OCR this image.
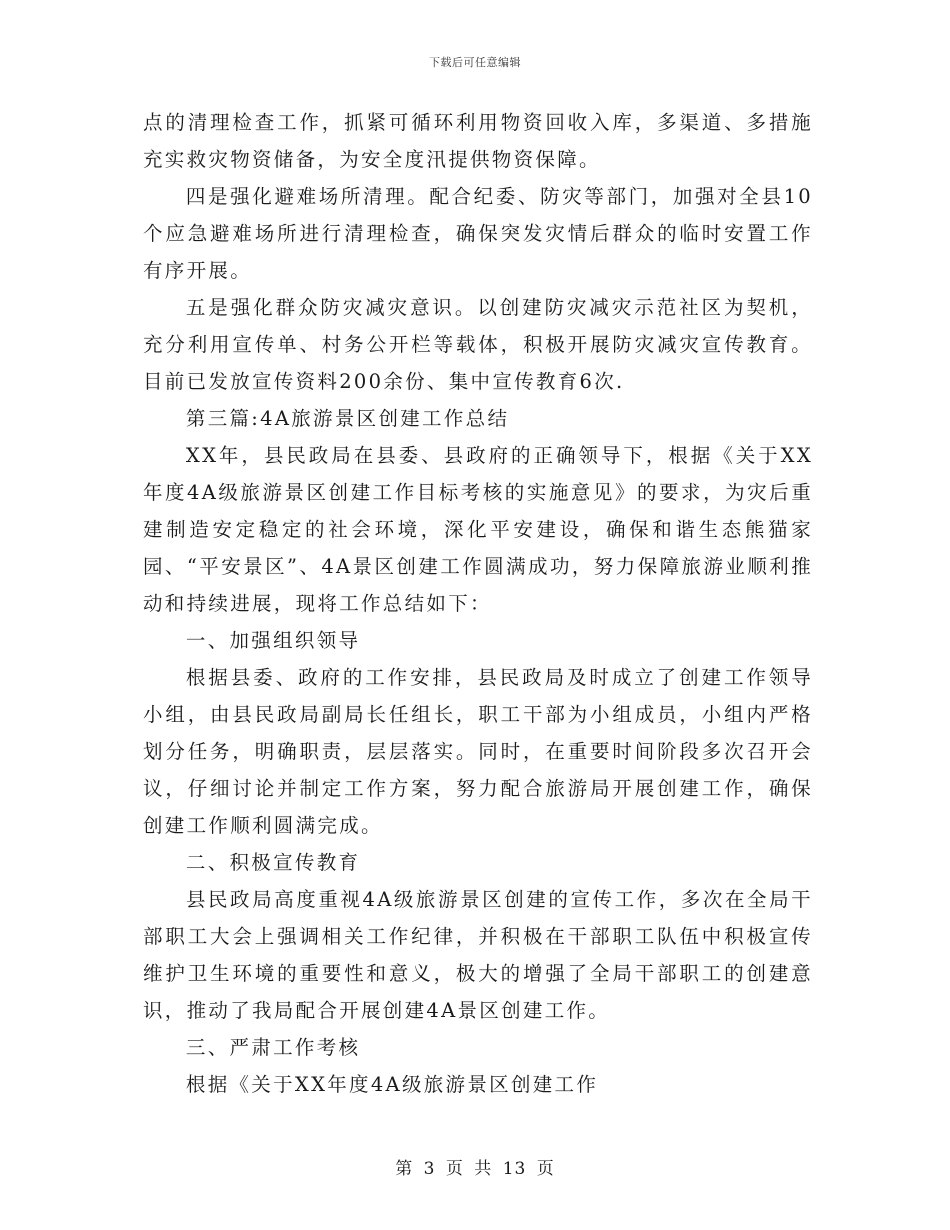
下载后可任意编辑

点的清理检查工作，抓紧可循环利用物资回收入库，多渠道、多措施充实救灾物资储备，为安全度汛提供物资保障。

四是强化避难场所清理。配合纪委、防灾等部门，加强对全县10个应急避难场所进行清理检查，确保突发灾情后群众的临时安置工作有序开展。

五是强化群众防灾减灾意识。以创建防灾减灾示范社区为契机，充分利用宣传单、村务公开栏等载体，积极开展防灾减灾宣传教育。目前已发放宣传资料200余份、集中宣传教育6次.

第三篇:4A旅游景区创建工作总结

XX年，县民政局在县委、县政府的正确领导下，根据《关于XX年度4A级旅游景区创建工作目标考核的实施意见》的要求，为灾后重建制造安定稳定的社会环境，深化平安建设，确保和谐生态熊猫家园、“平安景区”、4A景区创建工作圆满成功，努力保障旅游业顺利推动和持续进展，现将工作总结如下：

一、加强组织领导

根据县委、政府的工作安排，县民政局及时成立了创建工作领导小组，由县民政局副局长任组长，职工干部为小组成员，小组内严格划分任务，明确职责，层层落实。同时，在重要时间阶段多次召开会议，仔细讨论并制定工作方案，努力配合旅游局开展创建工作，确保创建工作顺利圆满完成。

二、积极宣传教育

县民政局高度重视4A级旅游景区创建的宣传工作，多次在全局干部职工大会上强调相关工作纪律，并积极在干部职工队伍中积极宣传维护卫生环境的重要性和意义，极大的增强了全局干部职工的创建意识，推动了我局配合开展创建4A景区创建工作。

三、严肃工作考核

根据《关于XX年度4A级旅游景区创建工作

第 3 页 共 13 页
